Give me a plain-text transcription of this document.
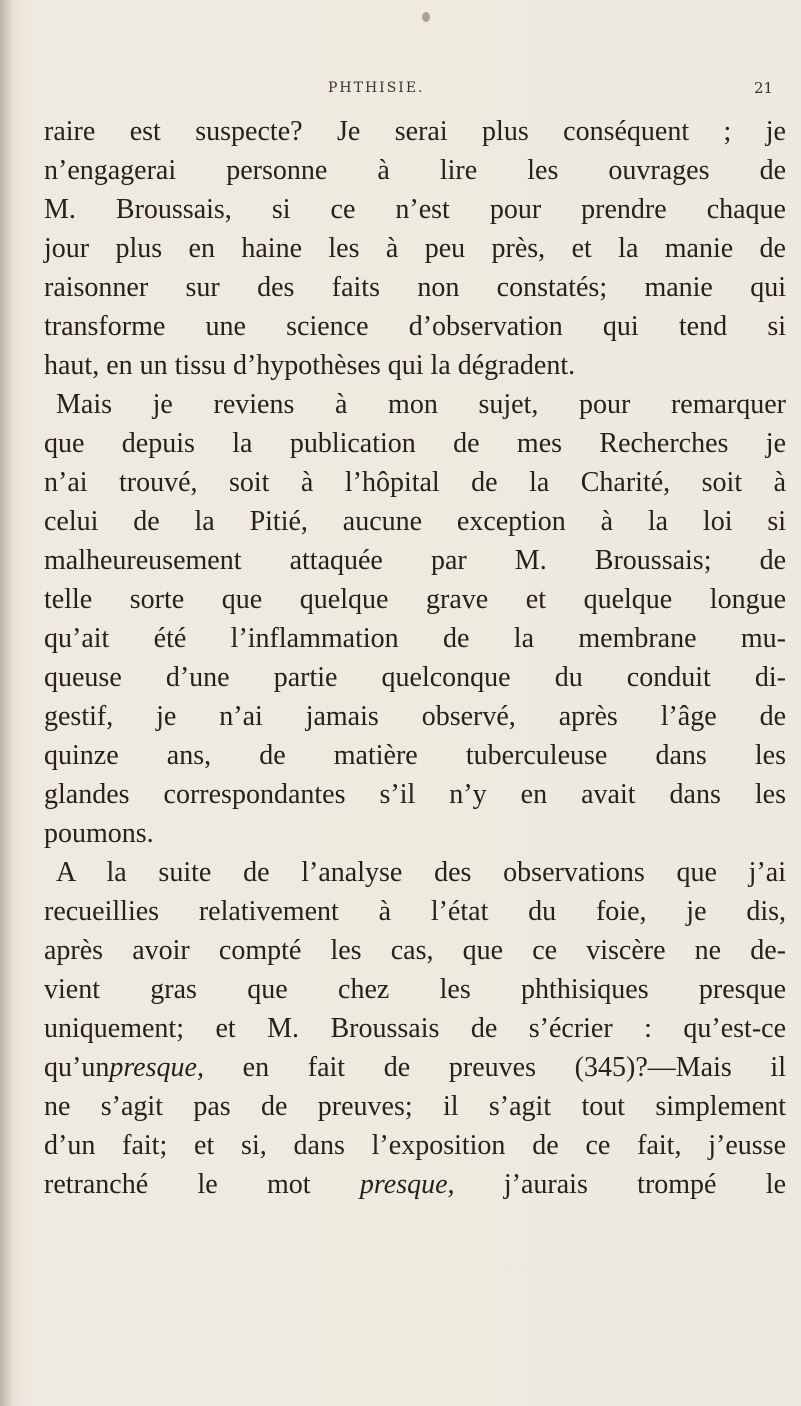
PHTHISIE.	21
raire est suspecte? Je serai plus conséquent ; je
n’engagerai personne à lire les ouvrages de
M. Broussais, si ce n’est pour prendre chaque
jour plus en haine les à peu près, et la manie de
raisonner sur des faits non constatés; manie qui
transforme une science d’observation qui tend si
haut, en un tissu d’hypothèses qui la dégradent.
Mais je reviens à mon sujet, pour remarquer
que depuis la publication de mes Recherches je
n’ai trouvé, soit à l’hôpital de la Charité, soit à
celui de la Pitié, aucune exception à la loi si
malheureusement attaquée par M. Broussais; de
telle sorte que quelque grave et quelque longue
qu’ait été l’inflammation de la membrane mu-
queuse d’une partie quelconque du conduit di-
gestif, je n’ai jamais observé, après l’âge de
quinze ans, de matière tuberculeuse dans les
glandes correspondantes s’il n’y en avait dans les
poumons.
A la suite de l’analyse des observations que j’ai
recueillies relativement à l’état du foie, je dis,
après avoir compté les cas, que ce viscère ne de-
vient gras que chez les phthisiques presque
uniquement; et M. Broussais de s’écrier : qu’est-ce
qu’unpresque, en fait de preuves (345)?—Mais il
ne s’agit pas de preuves; il s’agit tout simplement
d’un fait; et si, dans l’exposition de ce fait, j’eusse
retranché le mot presque, j’aurais trompé le
